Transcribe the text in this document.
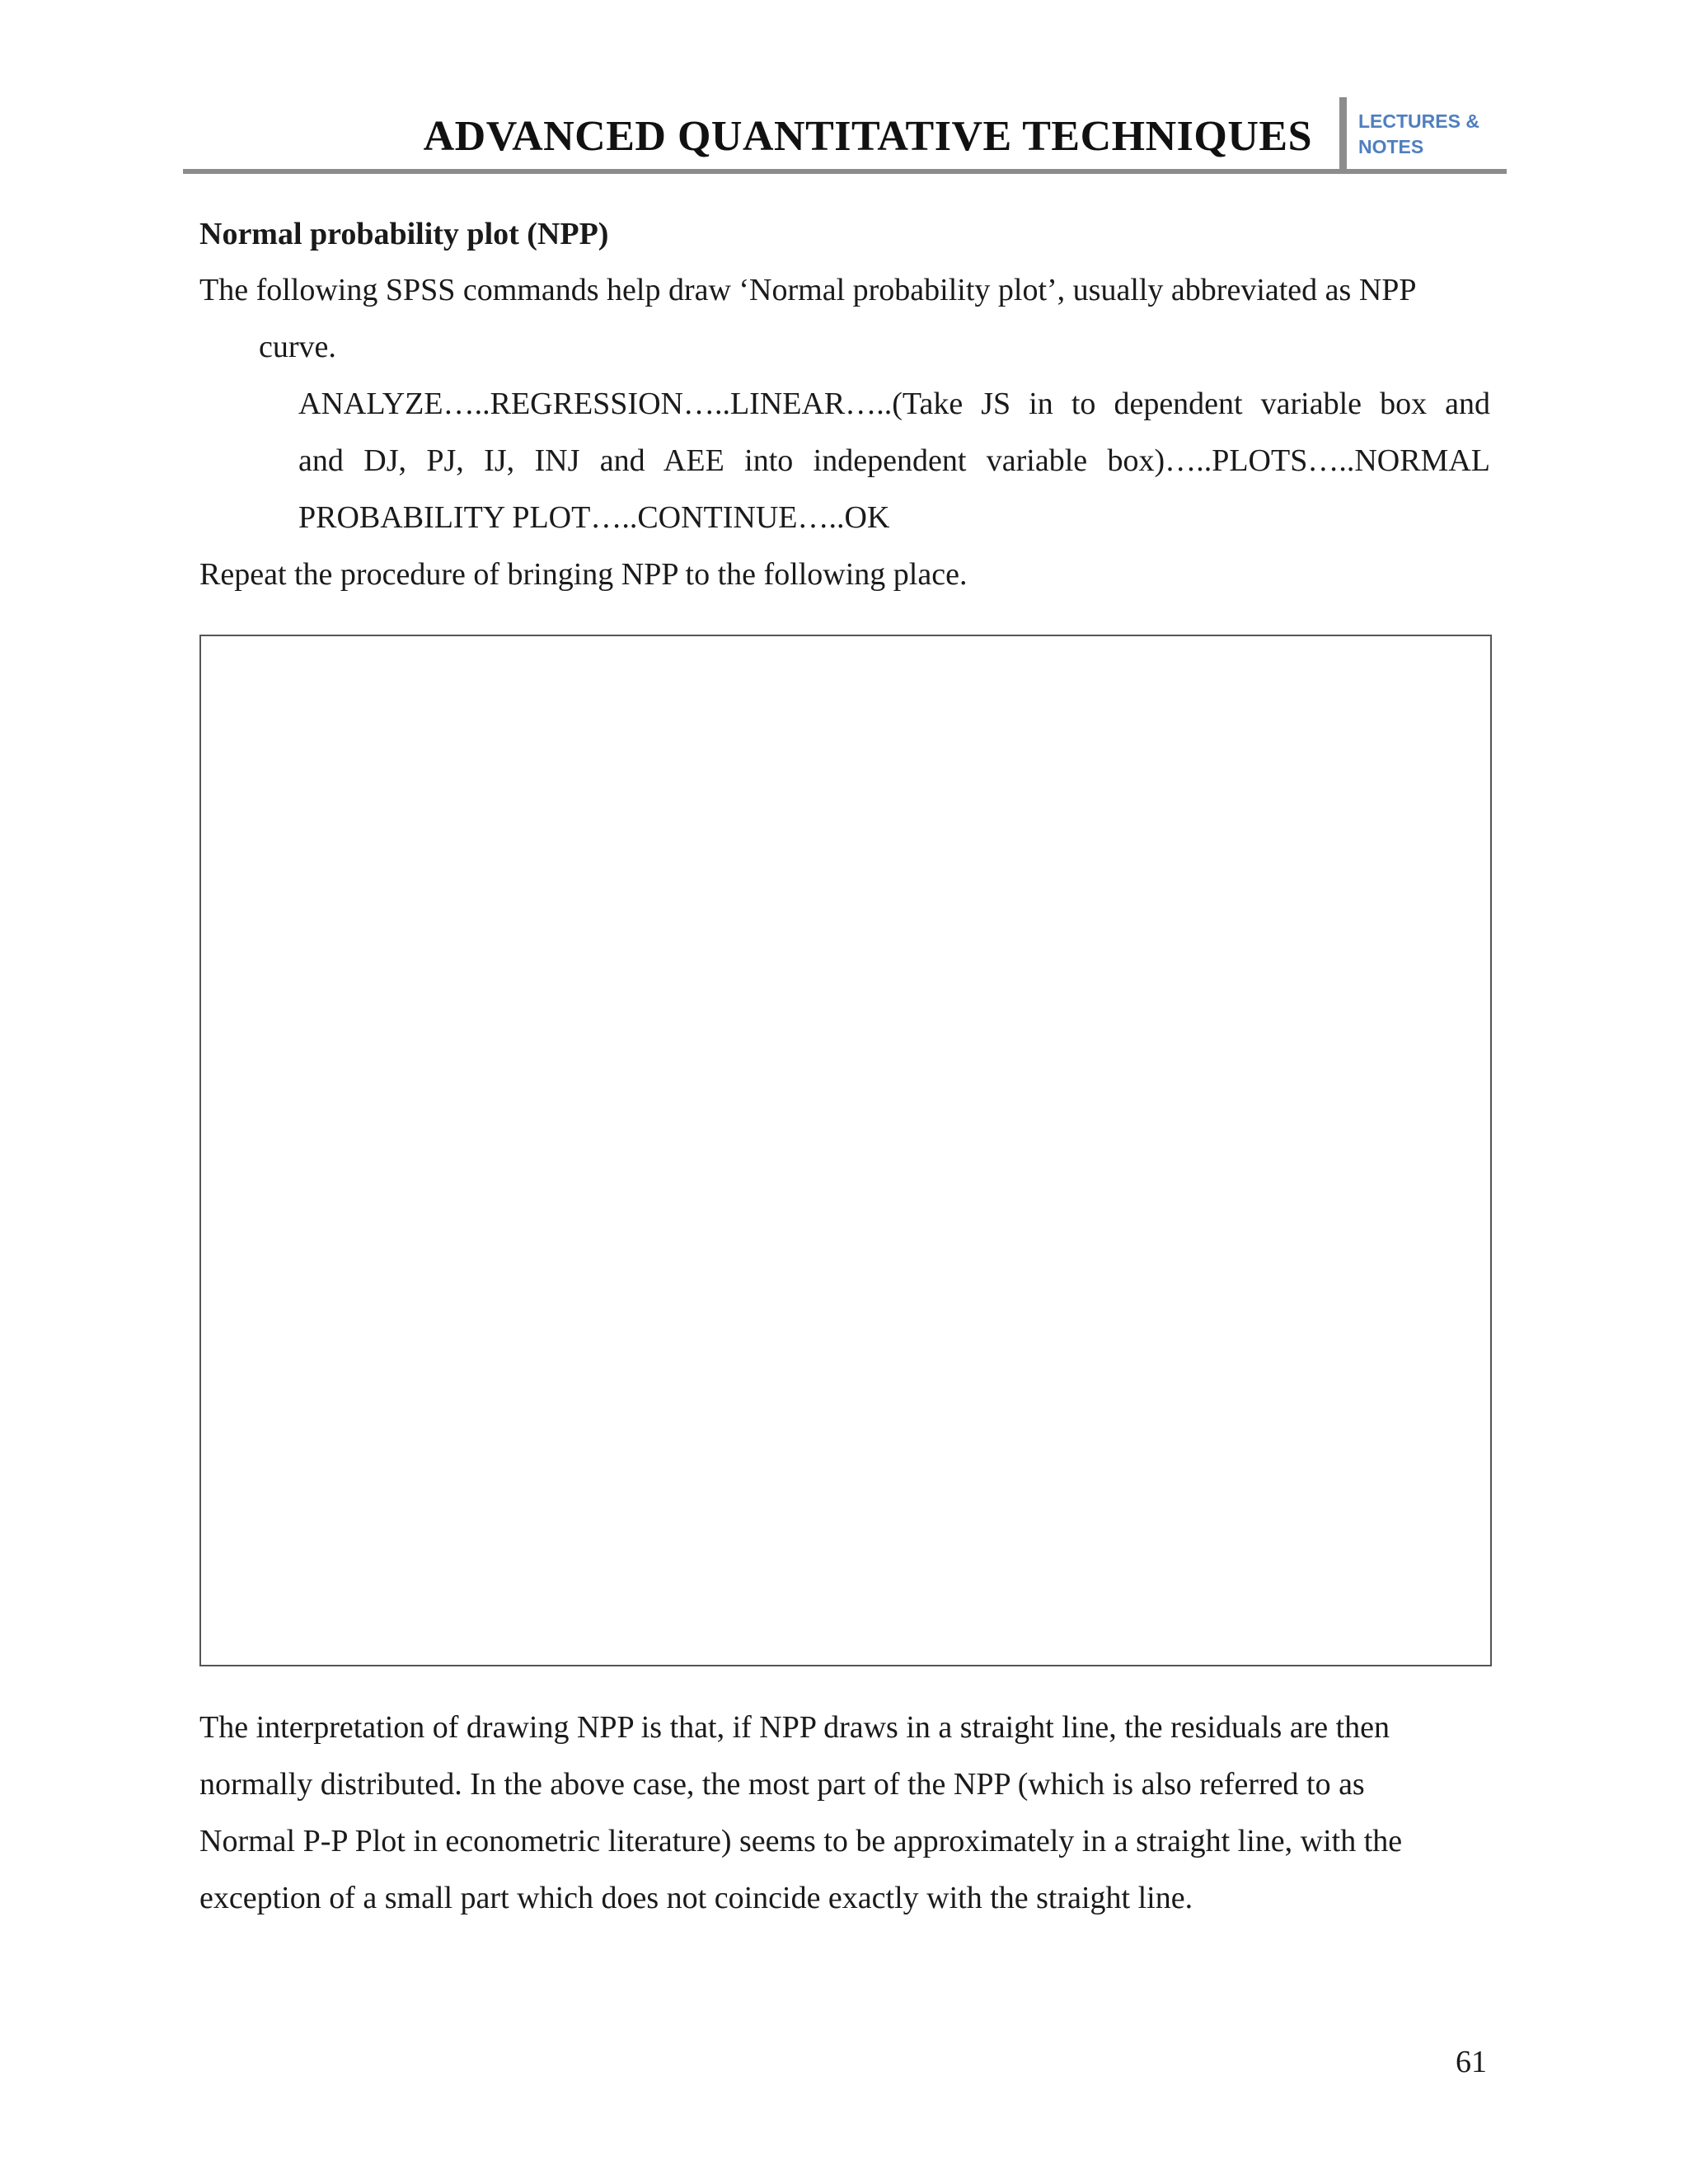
ADVANCED QUANTITATIVE TECHNIQUES LECTURES &
NOTES
Normal probability plot (NPP)
The following SPSS commands help draw ‘Normal probability plot’, usually abbreviated as NPP
curve.
ANALYZE…..REGRESSION…..LINEAR…..(Take JS in to dependent variable box and
and DJ, PJ, IJ, INJ and AEE into independent variable box)…..PLOTS…..NORMAL
PROBABILITY PLOT…..CONTINUE…..OK
Repeat the procedure of bringing NPP to the following place.
The interpretation of drawing NPP is that, if NPP draws in a straight line, the residuals are then
normally distributed. In the above case, the most part of the NPP (which is also referred to as
Normal P-P Plot in econometric literature) seems to be approximately in a straight line, with the
exception of a small part which does not coincide exactly with the straight line.
61
